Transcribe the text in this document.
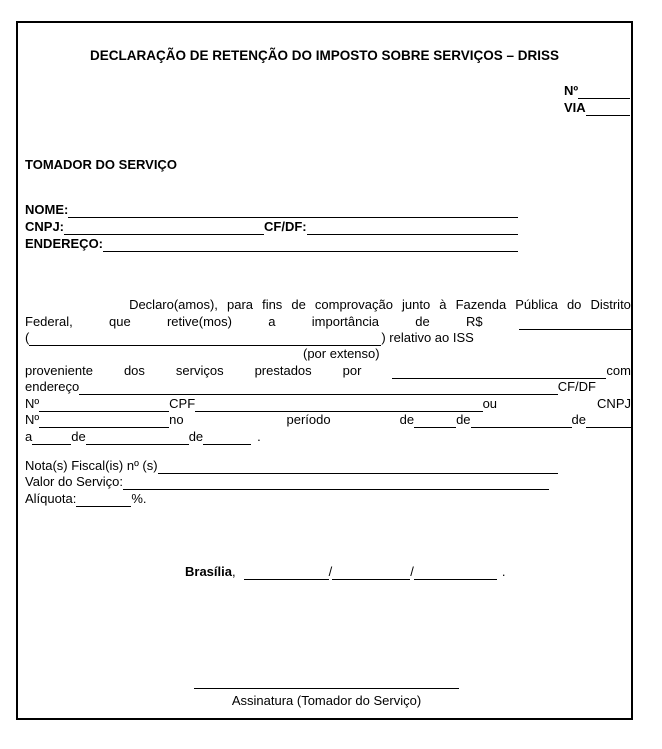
DECLARAÇÃO DE RETENÇÃO DO IMPOSTO SOBRE SERVIÇOS – DRISS
Nº
VIA
TOMADOR DO SERVIÇO
NOME:
CNPJ:	CF/DF:
ENDEREÇO:
Declaro(amos), para fins de comprovação junto à Fazenda Pública do Distrito
Federal,	que	retive(mos)	a	importância	de	R$
(	) relativo ao ISS
(por extenso)
proveniente dos serviços prestados por	com
endereço	CF/DF
Nº	CPF	ou	CNPJ
Nº	no	período	de	de	de
a	de	de	.
Nota(s) Fiscal(is) nº (s)
Valor do Serviço:
Alíquota:	%.
Brasília ,	/	/	.
Assinatura (Tomador do Serviço)
